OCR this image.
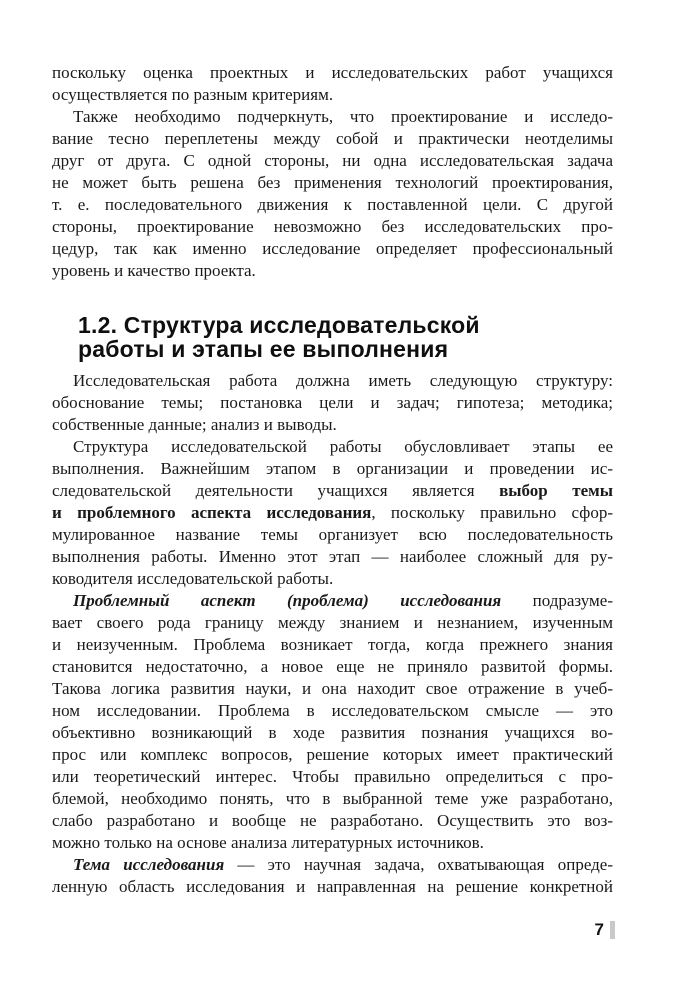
поскольку оценка проектных и исследовательских работ учащихся
осуществляется по разным критериям.
Также необходимо подчеркнуть, что проектирование и исследо-
вание тесно переплетены между собой и практически неотделимы
друг от друга. С одной стороны, ни одна исследовательская задача
не может быть решена без применения технологий проектирования,
т. е. последовательного движения к поставленной цели. С другой
стороны, проектирование невозможно без исследовательских про-
цедур, так как именно исследование определяет профессиональный
уровень и качество проекта.
1.2. Структура исследовательской
работы и этапы ее выполнения
Исследовательская работа должна иметь следующую структуру:
обоснование темы; постановка цели и задач; гипотеза; методика;
собственные данные; анализ и выводы.
Структура исследовательской работы обусловливает этапы ее
выполнения. Важнейшим этапом в организации и проведении ис-
следовательской деятельности учащихся является выбор темы
и проблемного аспекта исследования, поскольку правильно сфор-
мулированное название темы организует всю последовательность
выполнения работы. Именно этот этап — наиболее сложный для ру-
ководителя исследовательской работы.
Проблемный аспект (проблема) исследования подразуме-
вает своего рода границу между знанием и незнанием, изученным
и неизученным. Проблема возникает тогда, когда прежнего знания
становится недостаточно, а новое еще не приняло развитой формы.
Такова логика развития науки, и она находит свое отражение в учеб-
ном исследовании. Проблема в исследовательском смысле — это
объективно возникающий в ходе развития познания учащихся во-
прос или комплекс вопросов, решение которых имеет практический
или теоретический интерес. Чтобы правильно определиться с про-
блемой, необходимо понять, что в выбранной теме уже разработано,
слабо разработано и вообще не разработано. Осуществить это воз-
можно только на основе анализа литературных источников.
Тема исследования — это научная задача, охватывающая опреде-
ленную область исследования и направленная на решение конкретной
7
